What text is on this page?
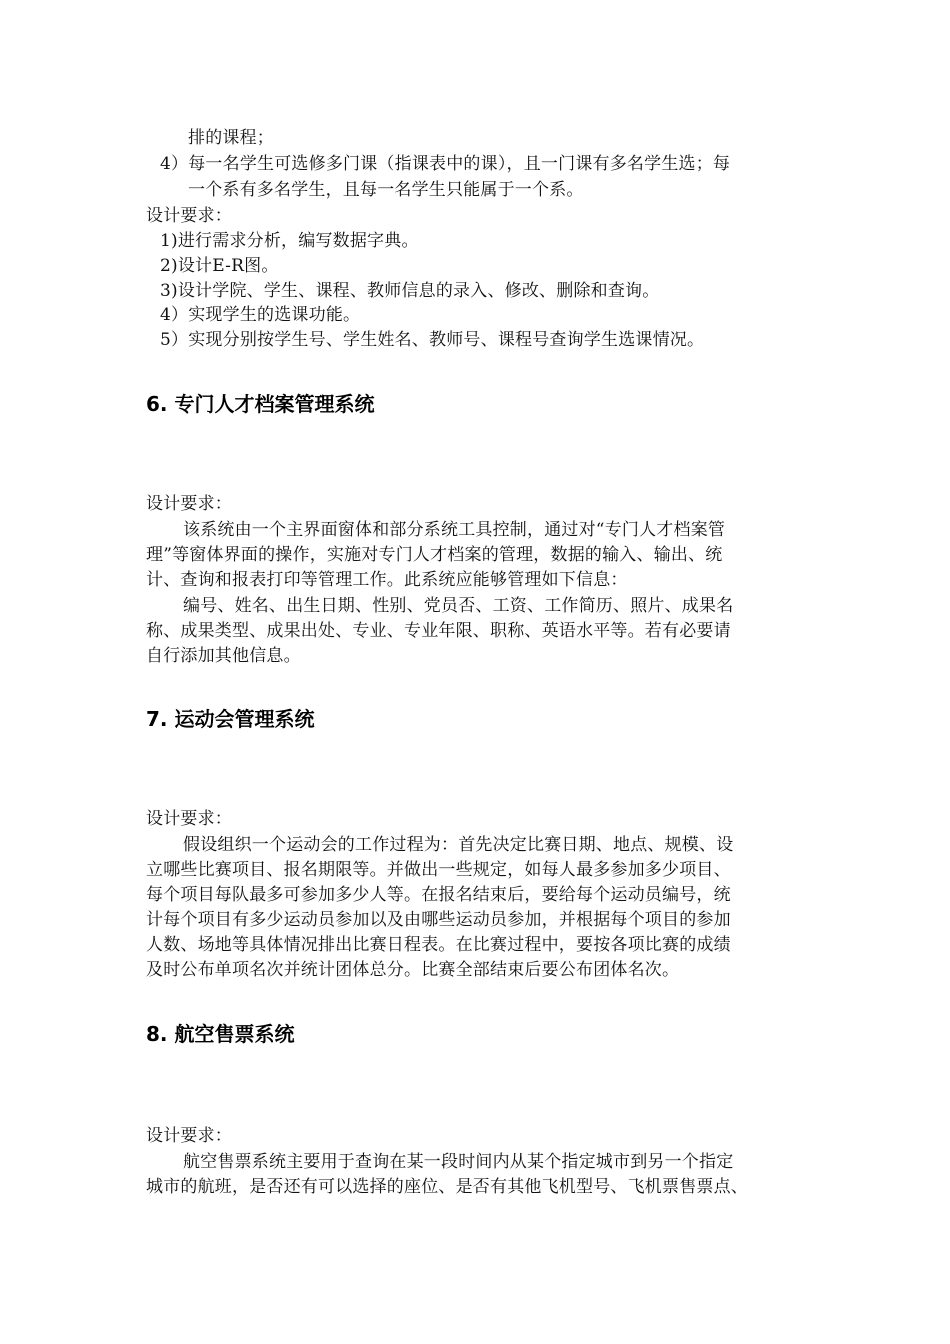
排的课程；
4）每一名学生可选修多门课（指课表中的课），且一门课有多名学生选；每
一个系有多名学生，且每一名学生只能属于一个系。
设计要求：
1)进行需求分析，编写数据字典。
2)设计E-R图。
3)设计学院、学生、课程、教师信息的录入、修改、删除和查询。
4）实现学生的选课功能。
5）实现分别按学生号、学生姓名、教师号、课程号查询学生选课情况。
6. 专门人才档案管理系统
设计要求：
该系统由一个主界面窗体和部分系统工具控制，通过对“专门人才档案管
理”等窗体界面的操作，实施对专门人才档案的管理，数据的输入、输出、统
计、查询和报表打印等管理工作。此系统应能够管理如下信息：
编号、姓名、出生日期、性别、党员否、工资、工作简历、照片、成果名
称、成果类型、成果出处、专业、专业年限、职称、英语水平等。若有必要请
自行添加其他信息。
7. 运动会管理系统
设计要求：
假设组织一个运动会的工作过程为：首先决定比赛日期、地点、规模、设
立哪些比赛项目、报名期限等。并做出一些规定，如每人最多参加多少项目、
每个项目每队最多可参加多少人等。在报名结束后，要给每个运动员编号，统
计每个项目有多少运动员参加以及由哪些运动员参加，并根据每个项目的参加
人数、场地等具体情况排出比赛日程表。在比赛过程中，要按各项比赛的成绩
及时公布单项名次并统计团体总分。比赛全部结束后要公布团体名次。
8. 航空售票系统
设计要求：
航空售票系统主要用于查询在某一段时间内从某个指定城市到另一个指定
城市的航班，是否还有可以选择的座位、是否有其他飞机型号、飞机票售票点、
